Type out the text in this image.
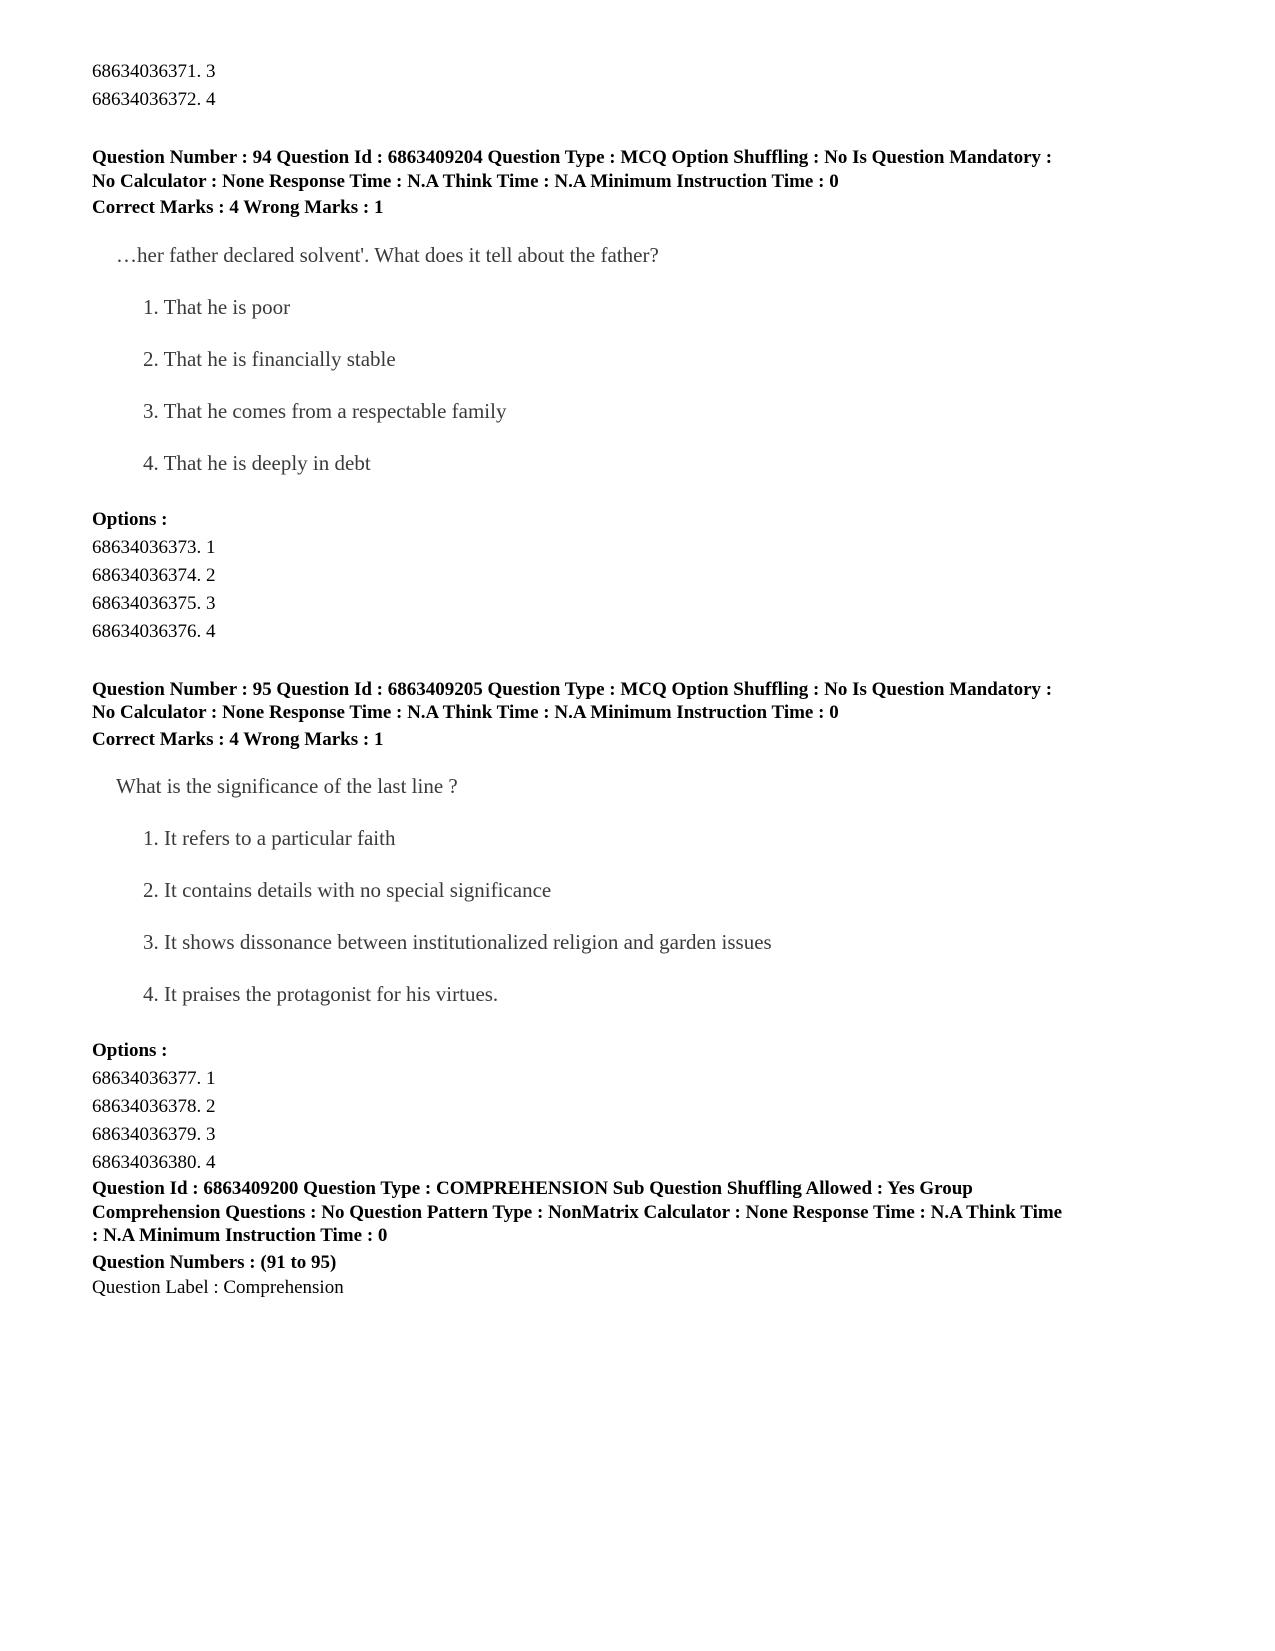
68634036371. 3

68634036372. 4

Question Number : 94 Question Id : 6863409204 Question Type : MCQ Option Shuffling : No Is Question Mandatory :

No Calculator : None Response Time : N.A Think Time : N.A Minimum Instruction Time : 0

Correct Marks : 4 Wrong Marks : 1

…her father declared solvent'. What does it tell about the father?

1. That he is poor

2. That he is financially stable

3. That he comes from a respectable family

4. That he is deeply in debt

Options :

68634036373. 1

68634036374. 2

68634036375. 3

68634036376. 4

Question Number : 95 Question Id : 6863409205 Question Type : MCQ Option Shuffling : No Is Question Mandatory :

No Calculator : None Response Time : N.A Think Time : N.A Minimum Instruction Time : 0

Correct Marks : 4 Wrong Marks : 1

What is the significance of the last line ?

1. It refers to a particular faith

2. It contains details with no special significance

3. It shows dissonance between institutionalized religion and garden issues

4. It praises the protagonist for his virtues.

Options :

68634036377. 1

68634036378. 2

68634036379. 3

68634036380. 4

Question Id : 6863409200 Question Type : COMPREHENSION Sub Question Shuffling Allowed : Yes Group

Comprehension Questions : No Question Pattern Type : NonMatrix Calculator : None Response Time : N.A Think Time

: N.A Minimum Instruction Time : 0

Question Numbers : (91 to 95)

Question Label : Comprehension
